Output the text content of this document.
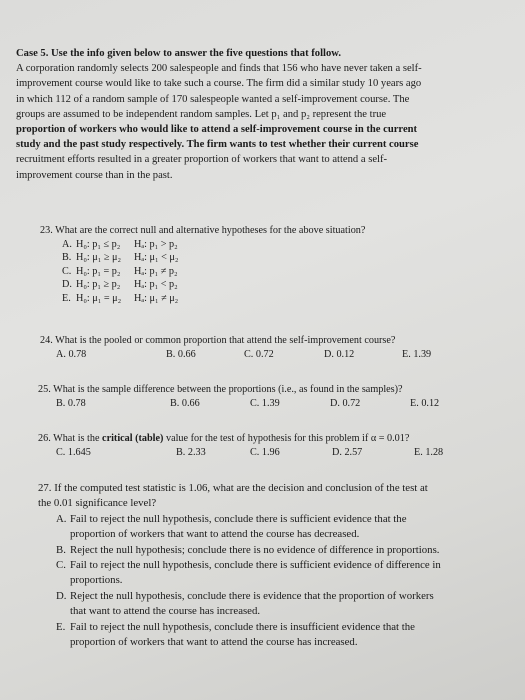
Case 5. Use the info given below to answer the five questions that follow.
A corporation randomly selects 200 salespeople and finds that 156 who have never taken a self-
improvement course would like to take such a course. The firm did a similar study 10 years ago
in which 112 of a random sample of 170 salespeople wanted a self-improvement course. The
groups are assumed to be independent random samples. Let p₁ and p₂ represent the true
proportion of workers who would like to attend a self-improvement course in the current
study and the past study respectively. The firm wants to test whether their current course
recruitment efforts resulted in a greater proportion of workers that want to attend a self-
improvement course than in the past.
23. What are the correct null and alternative hypotheses for the above situation?
A. H₀: p₁ ≤ p₂	Hₐ: p₁ > p₂
B. H₀: μ₁ ≥ μ₂	Hₐ: μ₁ < μ₂
C. H₀: p₁ = p₂	Hₐ: p₁ ≠ p₂
D. H₀: p₁ ≥ p₂	Hₐ: p₁ < p₂
E. H₀: μ₁ = μ₂	Hₐ: μ₁ ≠ μ₂
24. What is the pooled or common proportion that attend the self-improvement course?
A. 0.78	B. 0.66	C. 0.72	D. 0.12	E. 1.39
25. What is the sample difference between the proportions (i.e., as found in the samples)?
B. 0.78	B. 0.66	C. 1.39	D. 0.72	E. 0.12
26. What is the critical (table) value for the test of hypothesis for this problem if α = 0.01?
C. 1.645	B. 2.33	C. 1.96	D. 2.57	E. 1.28
27. If the computed test statistic is 1.06, what are the decision and conclusion of the test at
the 0.01 significance level?
A. Fail to reject the null hypothesis, conclude there is sufficient evidence that the
proportion of workers that want to attend the course has decreased.
B. Reject the null hypothesis; conclude there is no evidence of difference in proportions.
C. Fail to reject the null hypothesis, conclude there is sufficient evidence of difference in
proportions.
D. Reject the null hypothesis, conclude there is evidence that the proportion of workers
that want to attend the course has increased.
E. Fail to reject the null hypothesis, conclude there is insufficient evidence that the
proportion of workers that want to attend the course has increased.
